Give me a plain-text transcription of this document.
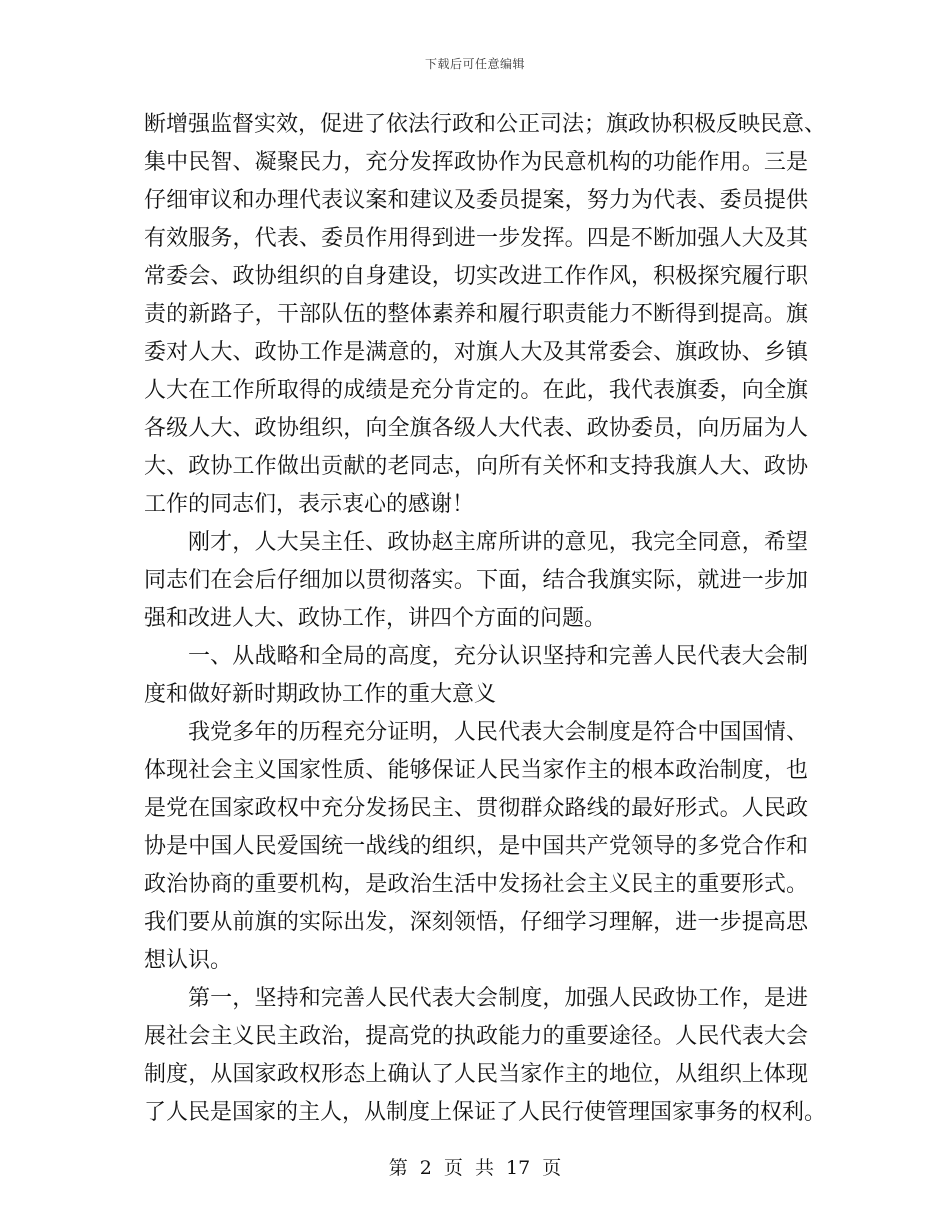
下载后可任意编辑
断增强监督实效，促进了依法行政和公正司法；旗政协积极反映民意、
集中民智、凝聚民力，充分发挥政协作为民意机构的功能作用。三是
仔细审议和办理代表议案和建议及委员提案，努力为代表、委员提供
有效服务，代表、委员作用得到进一步发挥。四是不断加强人大及其
常委会、政协组织的自身建设，切实改进工作作风，积极探究履行职
责的新路子，干部队伍的整体素养和履行职责能力不断得到提高。旗
委对人大、政协工作是满意的，对旗人大及其常委会、旗政协、乡镇
人大在工作所取得的成绩是充分肯定的。在此，我代表旗委，向全旗
各级人大、政协组织，向全旗各级人大代表、政协委员，向历届为人
大、政协工作做出贡献的老同志，向所有关怀和支持我旗人大、政协
工作的同志们，表示衷心的感谢！
刚才，人大吴主任、政协赵主席所讲的意见，我完全同意，希望
同志们在会后仔细加以贯彻落实。下面，结合我旗实际，就进一步加
强和改进人大、政协工作，讲四个方面的问题。
一、从战略和全局的高度，充分认识坚持和完善人民代表大会制
度和做好新时期政协工作的重大意义
我党多年的历程充分证明，人民代表大会制度是符合中国国情、
体现社会主义国家性质、能够保证人民当家作主的根本政治制度，也
是党在国家政权中充分发扬民主、贯彻群众路线的最好形式。人民政
协是中国人民爱国统一战线的组织，是中国共产党领导的多党合作和
政治协商的重要机构，是政治生活中发扬社会主义民主的重要形式。
我们要从前旗的实际出发，深刻领悟，仔细学习理解，进一步提高思
想认识。
第一，坚持和完善人民代表大会制度，加强人民政协工作，是进
展社会主义民主政治，提高党的执政能力的重要途径。人民代表大会
制度，从国家政权形态上确认了人民当家作主的地位，从组织上体现
了人民是国家的主人，从制度上保证了人民行使管理国家事务的权利。
第 2 页 共 17 页
